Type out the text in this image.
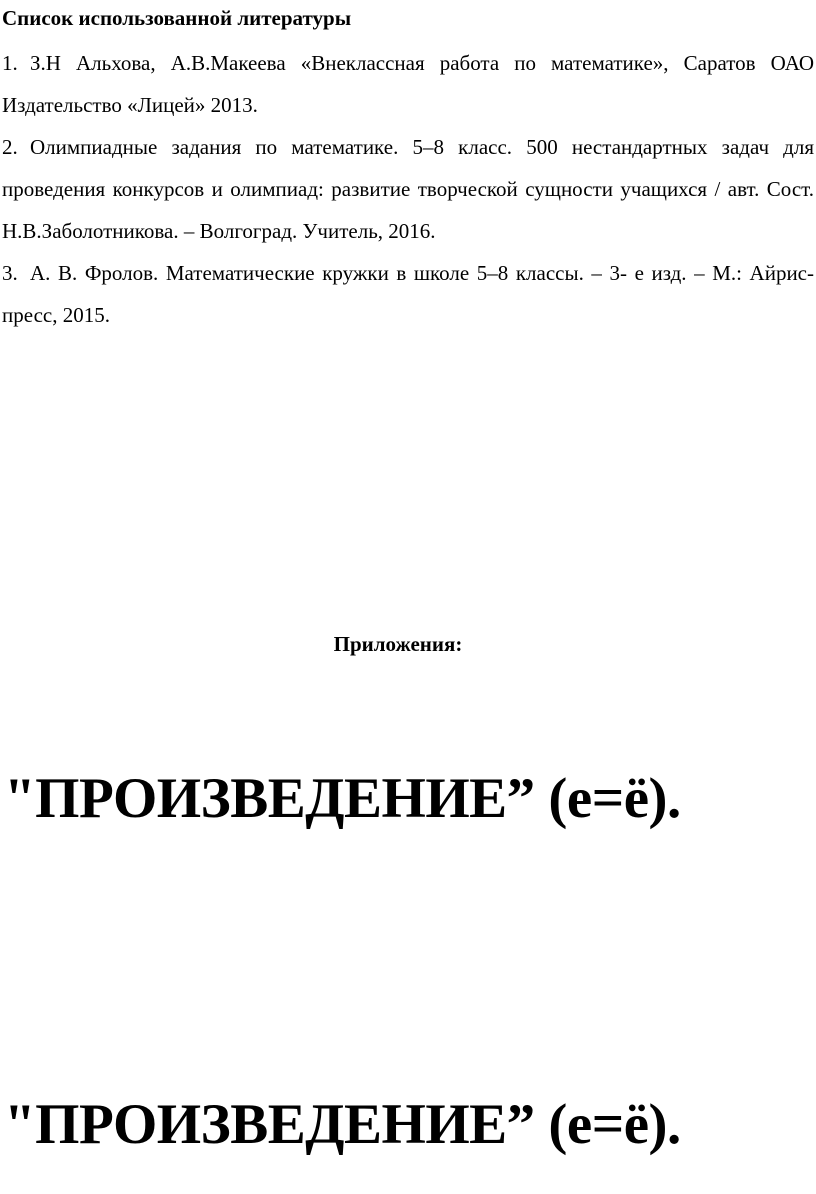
Список использованной литературы
1. З.Н Альхова, А.В.Макеева «Внеклассная работа по математике», Саратов ОАО Издательство «Лицей» 2013.
2. Олимпиадные задания по математике. 5–8 класс. 500 нестандартных задач для проведения конкурсов и олимпиад: развитие творческой сущности учащихся / авт. Сост. Н.В.Заболотникова. – Волгоград. Учитель, 2016.
3. А. В. Фролов. Математические кружки в школе 5–8 классы. – 3- е изд. – М.: Айрис-пресс, 2015.
Приложения:
"ПРОИЗВЕДЕНИЕ” (е=ё).
"ПРОИЗВЕДЕНИЕ” (е=ё).
